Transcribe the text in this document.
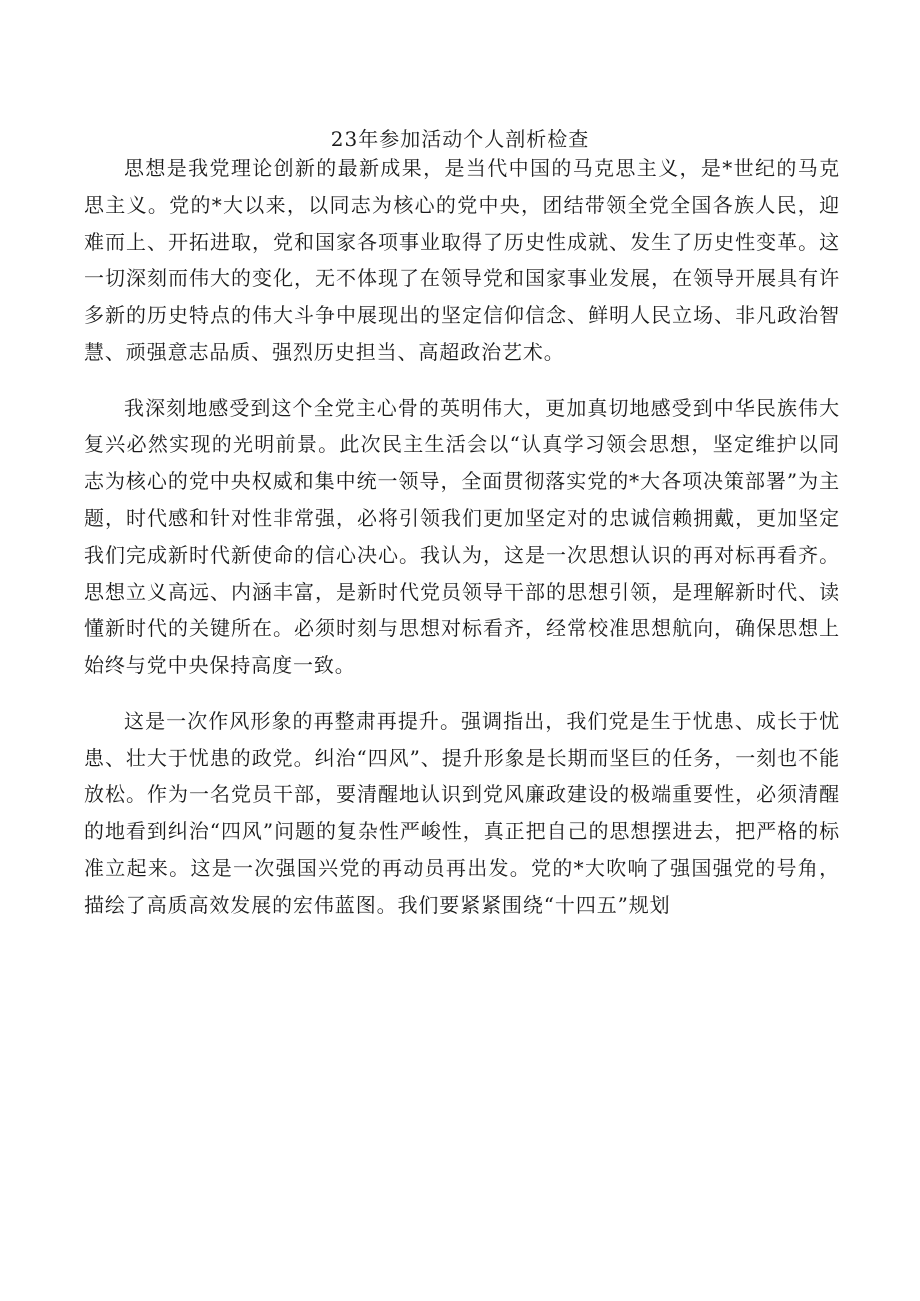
23年参加活动个人剖析检查

思想是我党理论创新的最新成果，是当代中国的马克思主义，是*世纪的马克思主义。党的*大以来，以同志为核心的党中央，团结带领全党全国各族人民，迎难而上、开拓进取，党和国家各项事业取得了历史性成就、发生了历史性变革。这一切深刻而伟大的变化，无不体现了在领导党和国家事业发展，在领导开展具有许多新的历史特点的伟大斗争中展现出的坚定信仰信念、鲜明人民立场、非凡政治智慧、顽强意志品质、强烈历史担当、高超政治艺术。

我深刻地感受到这个全党主心骨的英明伟大，更加真切地感受到中华民族伟大复兴必然实现的光明前景。此次民主生活会以“认真学习领会思想，坚定维护以同志为核心的党中央权威和集中统一领导，全面贯彻落实党的*大各项决策部署”为主题，时代感和针对性非常强，必将引领我们更加坚定对的忠诚信赖拥戴，更加坚定我们完成新时代新使命的信心决心。我认为，这是一次思想认识的再对标再看齐。思想立义高远、内涵丰富，是新时代党员领导干部的思想引领，是理解新时代、读懂新时代的关键所在。必须时刻与思想对标看齐，经常校准思想航向，确保思想上始终与党中央保持高度一致。

这是一次作风形象的再整肃再提升。强调指出，我们党是生于忧患、成长于忧患、壮大于忧患的政党。纠治“四风”、提升形象是长期而坚巨的任务，一刻也不能放松。作为一名党员干部，要清醒地认识到党风廉政建设的极端重要性，必须清醒的地看到纠治“四风”问题的复杂性严峻性，真正把自己的思想摆进去，把严格的标准立起来。这是一次强国兴党的再动员再出发。党的*大吹响了强国强党的号角，描绘了高质高效发展的宏伟蓝图。我们要紧紧围绕“十四五”规划
